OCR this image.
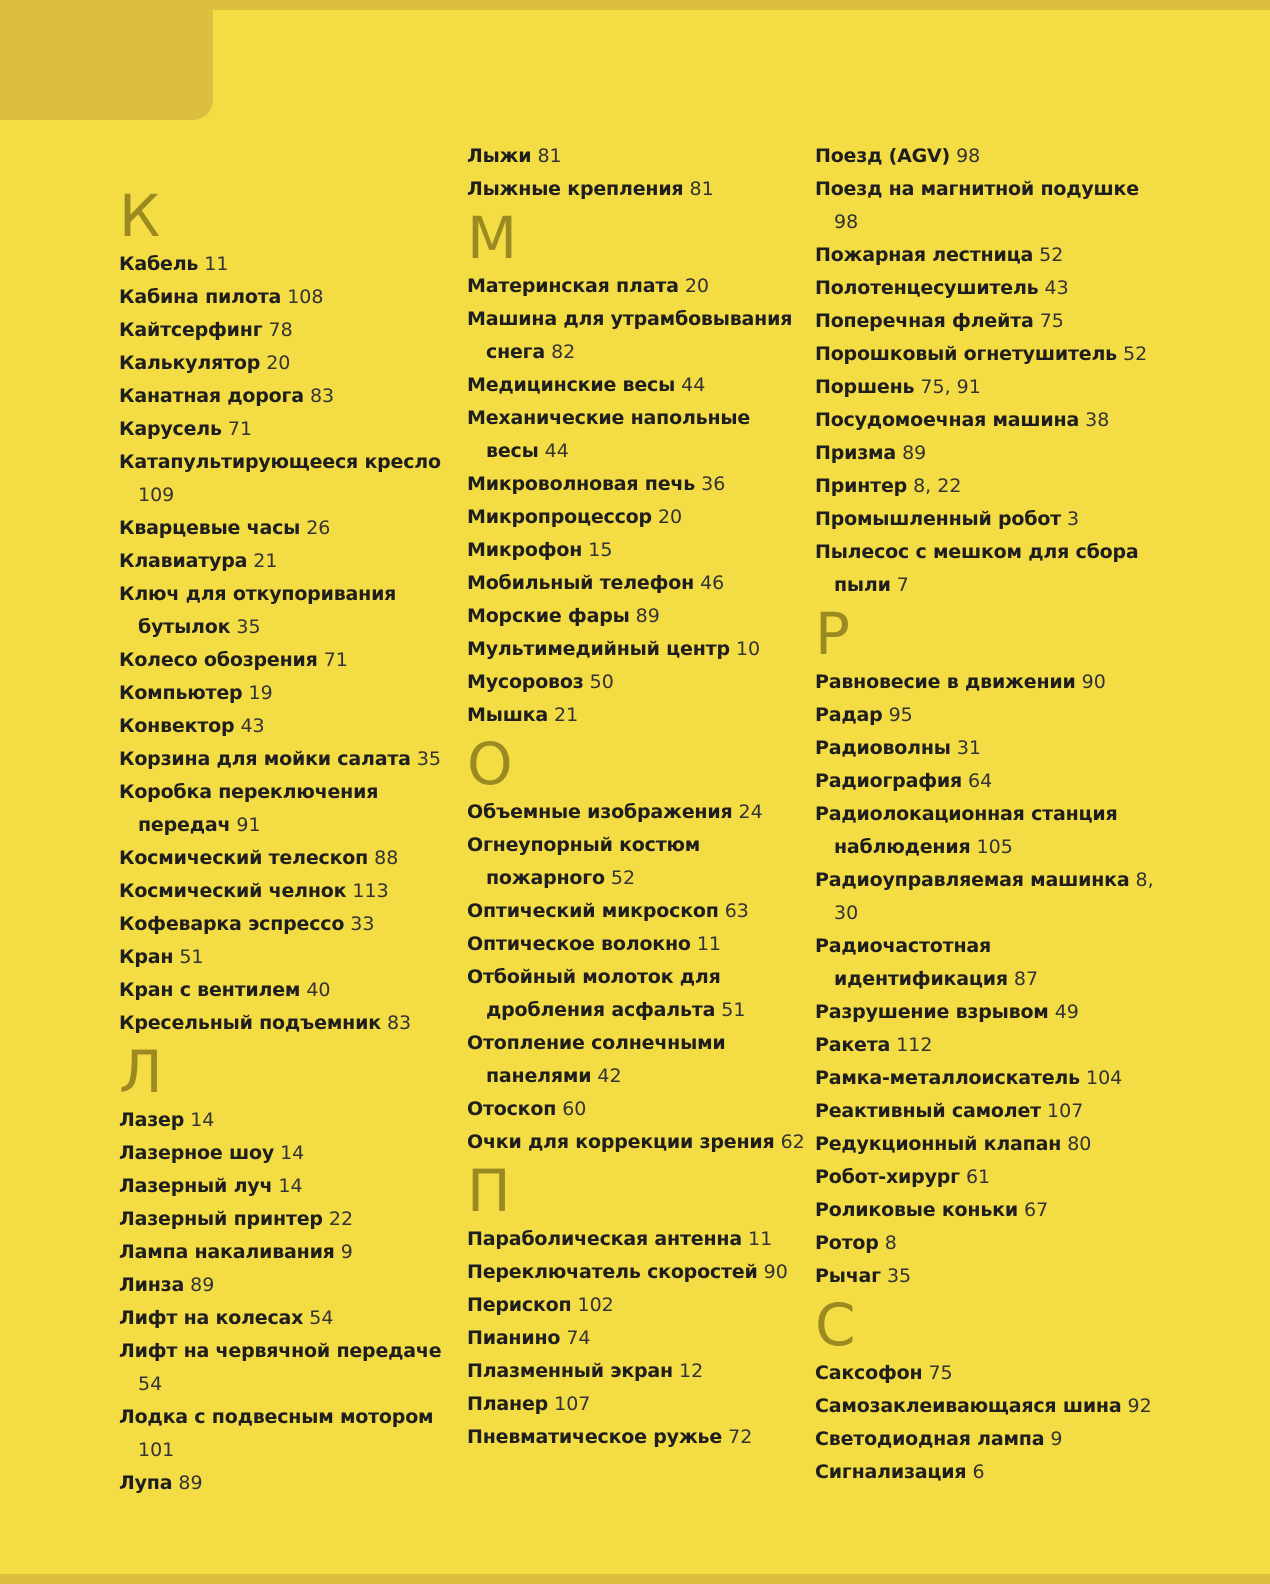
К
Кабель 11
Кабина пилота 108
Кайтсерфинг 78
Калькулятор 20
Канатная дорога 83
Карусель 71
Катапультирующееся кресло 109
Кварцевые часы 26
Клавиатура 21
Ключ для откупоривания бутылок 35
Колесо обозрения 71
Компьютер 19
Конвектор 43
Корзина для мойки салата 35
Коробка переключения передач 91
Космический телескоп 88
Космический челнок 113
Кофеварка эспрессо 33
Кран 51
Кран с вентилем 40
Кресельный подъемник 83
Л
Лазер 14
Лазерное шоу 14
Лазерный луч 14
Лазерный принтер 22
Лампа накаливания 9
Линза 89
Лифт на колесах 54
Лифт на червячной передаче 54
Лодка с подвесным мотором 101
Лупа 89
Лыжи 81
Лыжные крепления 81
М
Материнская плата 20
Машина для утрамбовывания снега 82
Медицинские весы 44
Механические напольные весы 44
Микроволновая печь 36
Микропроцессор 20
Микрофон 15
Мобильный телефон 46
Морские фары 89
Мультимедийный центр 10
Мусоровоз 50
Мышка 21
О
Объемные изображения 24
Огнеупорный костюм пожарного 52
Оптический микроскоп 63
Оптическое волокно 11
Отбойный молоток для дробления асфальта 51
Отопление солнечными панелями 42
Отоскоп 60
Очки для коррекции зрения 62
П
Параболическая антенна 11
Переключатель скоростей 90
Перископ 102
Пианино 74
Плазменный экран 12
Планер 107
Пневматическое ружье 72
Поезд (AGV) 98
Поезд на магнитной подушке 98
Пожарная лестница 52
Полотенцесушитель 43
Поперечная флейта 75
Порошковый огнетушитель 52
Поршень 75, 91
Посудомоечная машина 38
Призма 89
Принтер 8, 22
Промышленный робот 3
Пылесос с мешком для сбора пыли 7
Р
Равновесие в движении 90
Радар 95
Радиоволны 31
Радиография 64
Радиолокационная станция наблюдения 105
Радиоуправляемая машинка 8, 30
Радиочастотная идентификация 87
Разрушение взрывом 49
Ракета 112
Рамка-металлоискатель 104
Реактивный самолет 107
Редукционный клапан 80
Робот-хирург 61
Роликовые коньки 67
Ротор 8
Рычаг 35
С
Саксофон 75
Самозаклеивающаяся шина 92
Светодиодная лампа 9
Сигнализация 6
